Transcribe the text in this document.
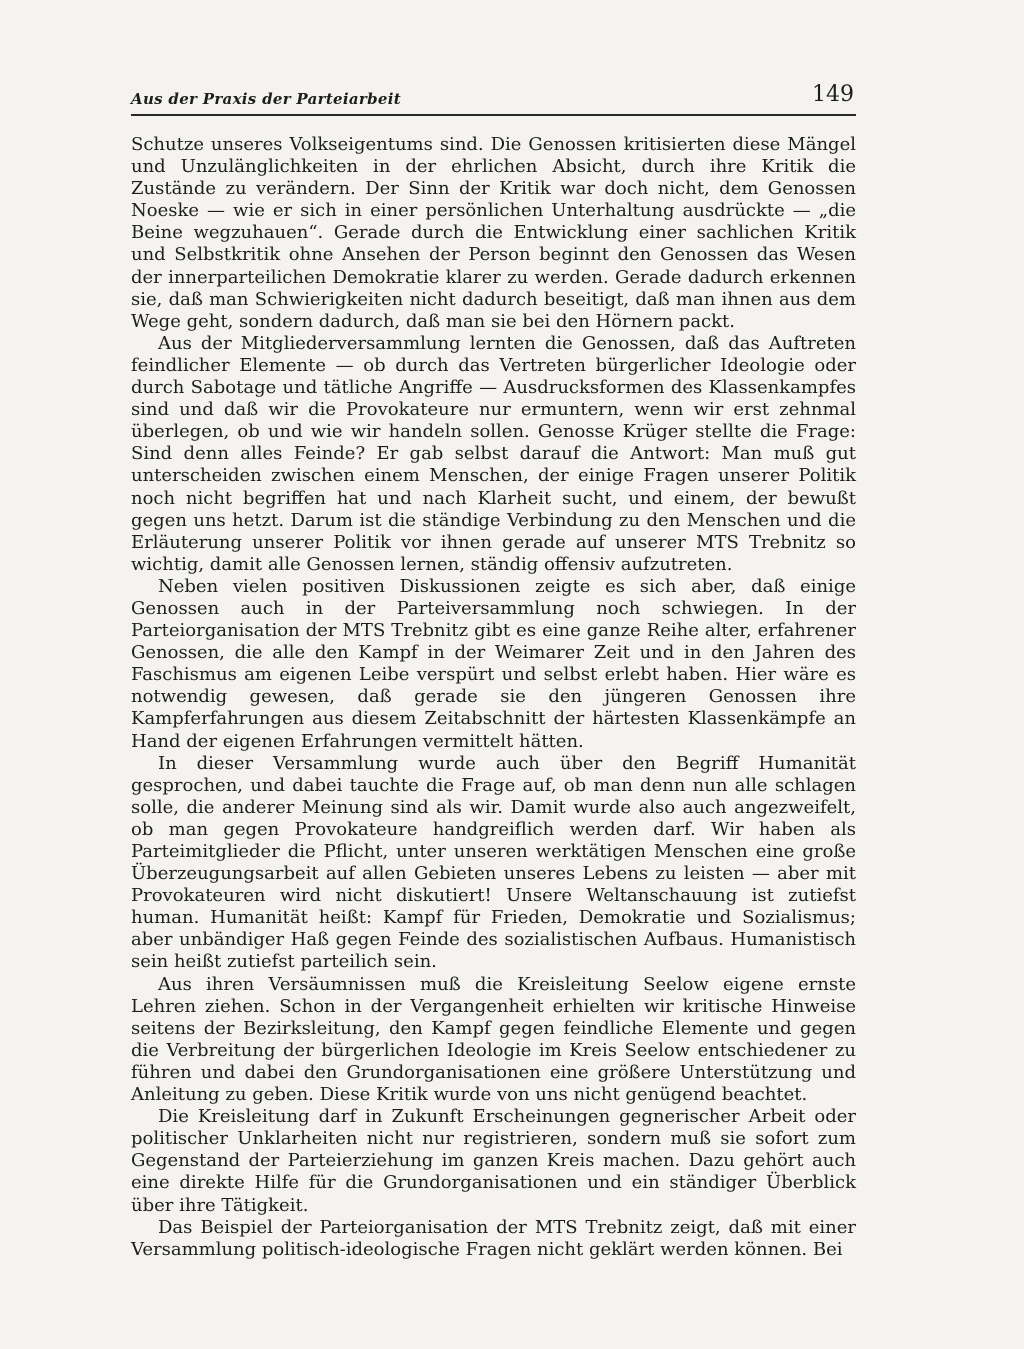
Aus der Praxis der Parteiarbeit	149

Schutze unseres Volkseigentums sind. Die Genossen kritisierten diese Mängel und Unzulänglichkeiten in der ehrlichen Absicht, durch ihre Kritik die Zustände zu verändern. Der Sinn der Kritik war doch nicht, dem Genossen Noeske — wie er sich in einer persönlichen Unterhaltung ausdrückte — „die Beine wegzuhauen“. Gerade durch die Entwicklung einer sachlichen Kritik und Selbstkritik ohne Ansehen der Person beginnt den Genossen das Wesen der innerparteilichen Demokratie klarer zu werden. Gerade dadurch erkennen sie, daß man Schwierigkeiten nicht dadurch beseitigt, daß man ihnen aus dem Wege geht, sondern dadurch, daß man sie bei den Hörnern packt.

Aus der Mitgliederversammlung lernten die Genossen, daß das Auftreten feindlicher Elemente — ob durch das Vertreten bürgerlicher Ideologie oder durch Sabotage und tätliche Angriffe — Ausdrucksformen des Klassenkampfes sind und daß wir die Provokateure nur ermuntern, wenn wir erst zehnmal überlegen, ob und wie wir handeln sollen. Genosse Krüger stellte die Frage: Sind denn alles Feinde? Er gab selbst darauf die Antwort: Man muß gut unterscheiden zwischen einem Menschen, der einige Fragen unserer Politik noch nicht begriffen hat und nach Klarheit sucht, und einem, der bewußt gegen uns hetzt. Darum ist die ständige Verbindung zu den Menschen und die Erläuterung unserer Politik vor ihnen gerade auf unserer MTS Trebnitz so wichtig, damit alle Genossen lernen, ständig offensiv aufzutreten.

Neben vielen positiven Diskussionen zeigte es sich aber, daß einige Genossen auch in der Parteiversammlung noch schwiegen. In der Parteiorganisation der MTS Trebnitz gibt es eine ganze Reihe alter, erfahrener Genossen, die alle den Kampf in der Weimarer Zeit und in den Jahren des Faschismus am eigenen Leibe verspürt und selbst erlebt haben. Hier wäre es notwendig gewesen, daß gerade sie den jüngeren Genossen ihre Kampferfahrungen aus diesem Zeitabschnitt der härtesten Klassenkämpfe an Hand der eigenen Erfahrungen vermittelt hätten.

In dieser Versammlung wurde auch über den Begriff Humanität gesprochen, und dabei tauchte die Frage auf, ob man denn nun alle schlagen solle, die anderer Meinung sind als wir. Damit wurde also auch angezweifelt, ob man gegen Provokateure handgreiflich werden darf. Wir haben als Parteimitglieder die Pflicht, unter unseren werktätigen Menschen eine große Überzeugungsarbeit auf allen Gebieten unseres Lebens zu leisten — aber mit Provokateuren wird nicht diskutiert! Unsere Weltanschauung ist zutiefst human. Humanität heißt: Kampf für Frieden, Demokratie und Sozialismus; aber unbändiger Haß gegen Feinde des sozialistischen Aufbaus. Humanistisch sein heißt zutiefst parteilich sein.

Aus ihren Versäumnissen muß die Kreisleitung Seelow eigene ernste Lehren ziehen. Schon in der Vergangenheit erhielten wir kritische Hinweise seitens der Bezirksleitung, den Kampf gegen feindliche Elemente und gegen die Verbreitung der bürgerlichen Ideologie im Kreis Seelow entschiedener zu führen und dabei den Grundorganisationen eine größere Unterstützung und Anleitung zu geben. Diese Kritik wurde von uns nicht genügend beachtet.

Die Kreisleitung darf in Zukunft Erscheinungen gegnerischer Arbeit oder politischer Unklarheiten nicht nur registrieren, sondern muß sie sofort zum Gegenstand der Parteierziehung im ganzen Kreis machen. Dazu gehört auch eine direkte Hilfe für die Grundorganisationen und ein ständiger Überblick über ihre Tätigkeit.

Das Beispiel der Parteiorganisation der MTS Trebnitz zeigt, daß mit einer Versammlung politisch-ideologische Fragen nicht geklärt werden können. Bei
